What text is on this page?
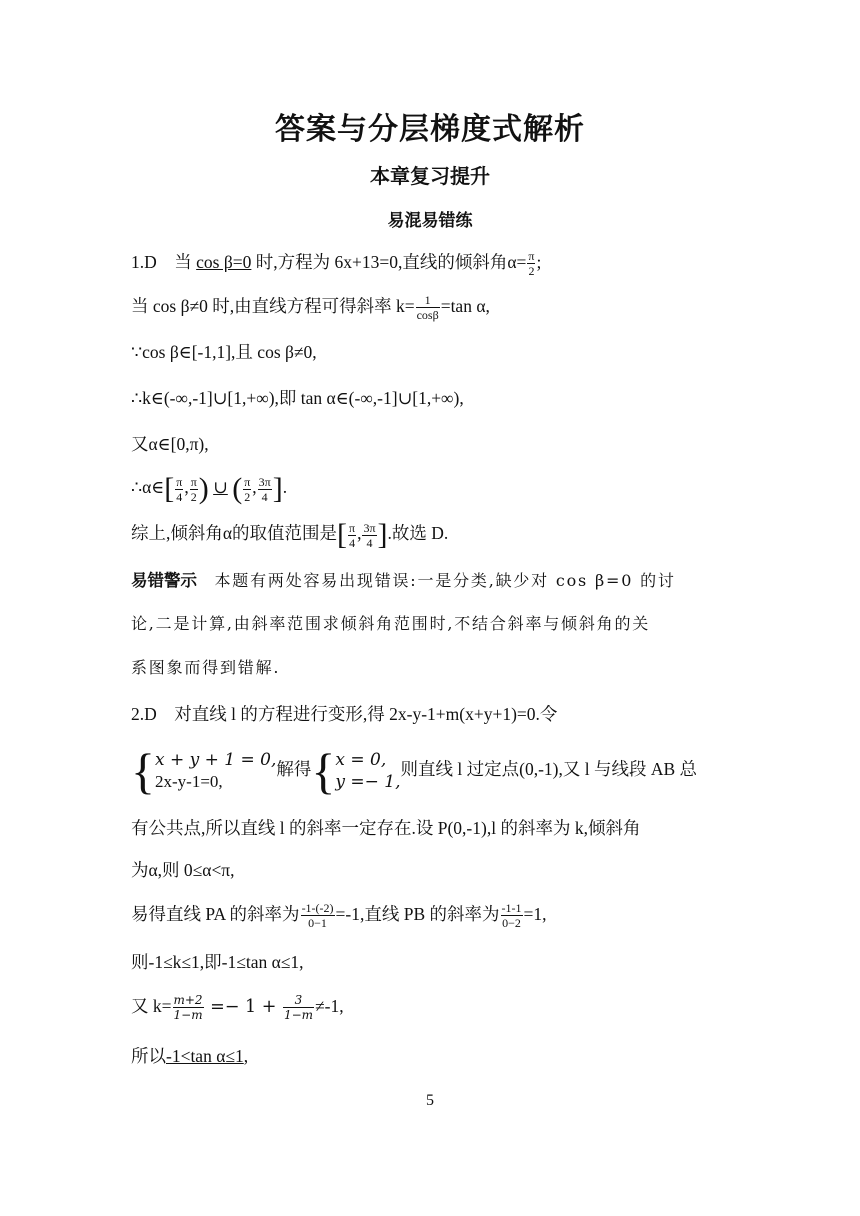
答案与分层梯度式解析
本章复习提升
易混易错练
1.D　当 cos β=0 时,方程为 6x+13=0,直线的倾斜角$\alpha= \frac{\pi}{2}$ ;
当 cos β≠0 时,由直线方程可得斜率 $k= \frac{1}{\cos\beta} =\tan$ α,
∵cos β∈[-1,1],且 cos β≠0,
∴k∈(-∞,-1]∪[1,+∞),即 tan α∈(-∞,-1]∪[1,+∞),
又α∈[0,π),
∴α∈[ $\frac{\pi}{4}$ , $\frac{\pi}{2}$ ) ∪ ( $\frac{\pi}{2}$ , $\frac{3\pi}{4}$ ].
综上,倾斜角α的取值范围是[ $\frac{\pi}{4}$ , $\frac{3\pi}{4}$ ].故选 D.
易错警示　 本题有两处容易出现错误:一是分类,缺少对 cos β=0 的讨
论,二是计算,由斜率范围求倾斜角范围时,不结合斜率与倾斜角的关
系图象而得到错解.
2.D　对直线 l 的方程进行变形,得 2x-y-1+m(x+y+1)=0.令
{x + y + 1 = 0,
2x-y-1=0,解得{x = 0,
y =− 1,则直线 l 过定点(0,-1),又 l 与线段 AB 总
有公共点,所以直线 l 的斜率一定存在.设 P(0,-1),l 的斜率为 k,倾斜角
为α,则 0≤α<π,
易得直线 PA 的斜率为 $\frac{-1-(-2)}{0-1} =-1$,直线 PB 的斜率为 $\frac{-1-1}{0-2} =1$,
则-1≤k≤1,即-1≤tan α≤1,
又 $k= \frac{m+2}{1-m} =- 1 + \frac{3}{1-m} \ne-1$,
所以-1<tan α≤1,
5
